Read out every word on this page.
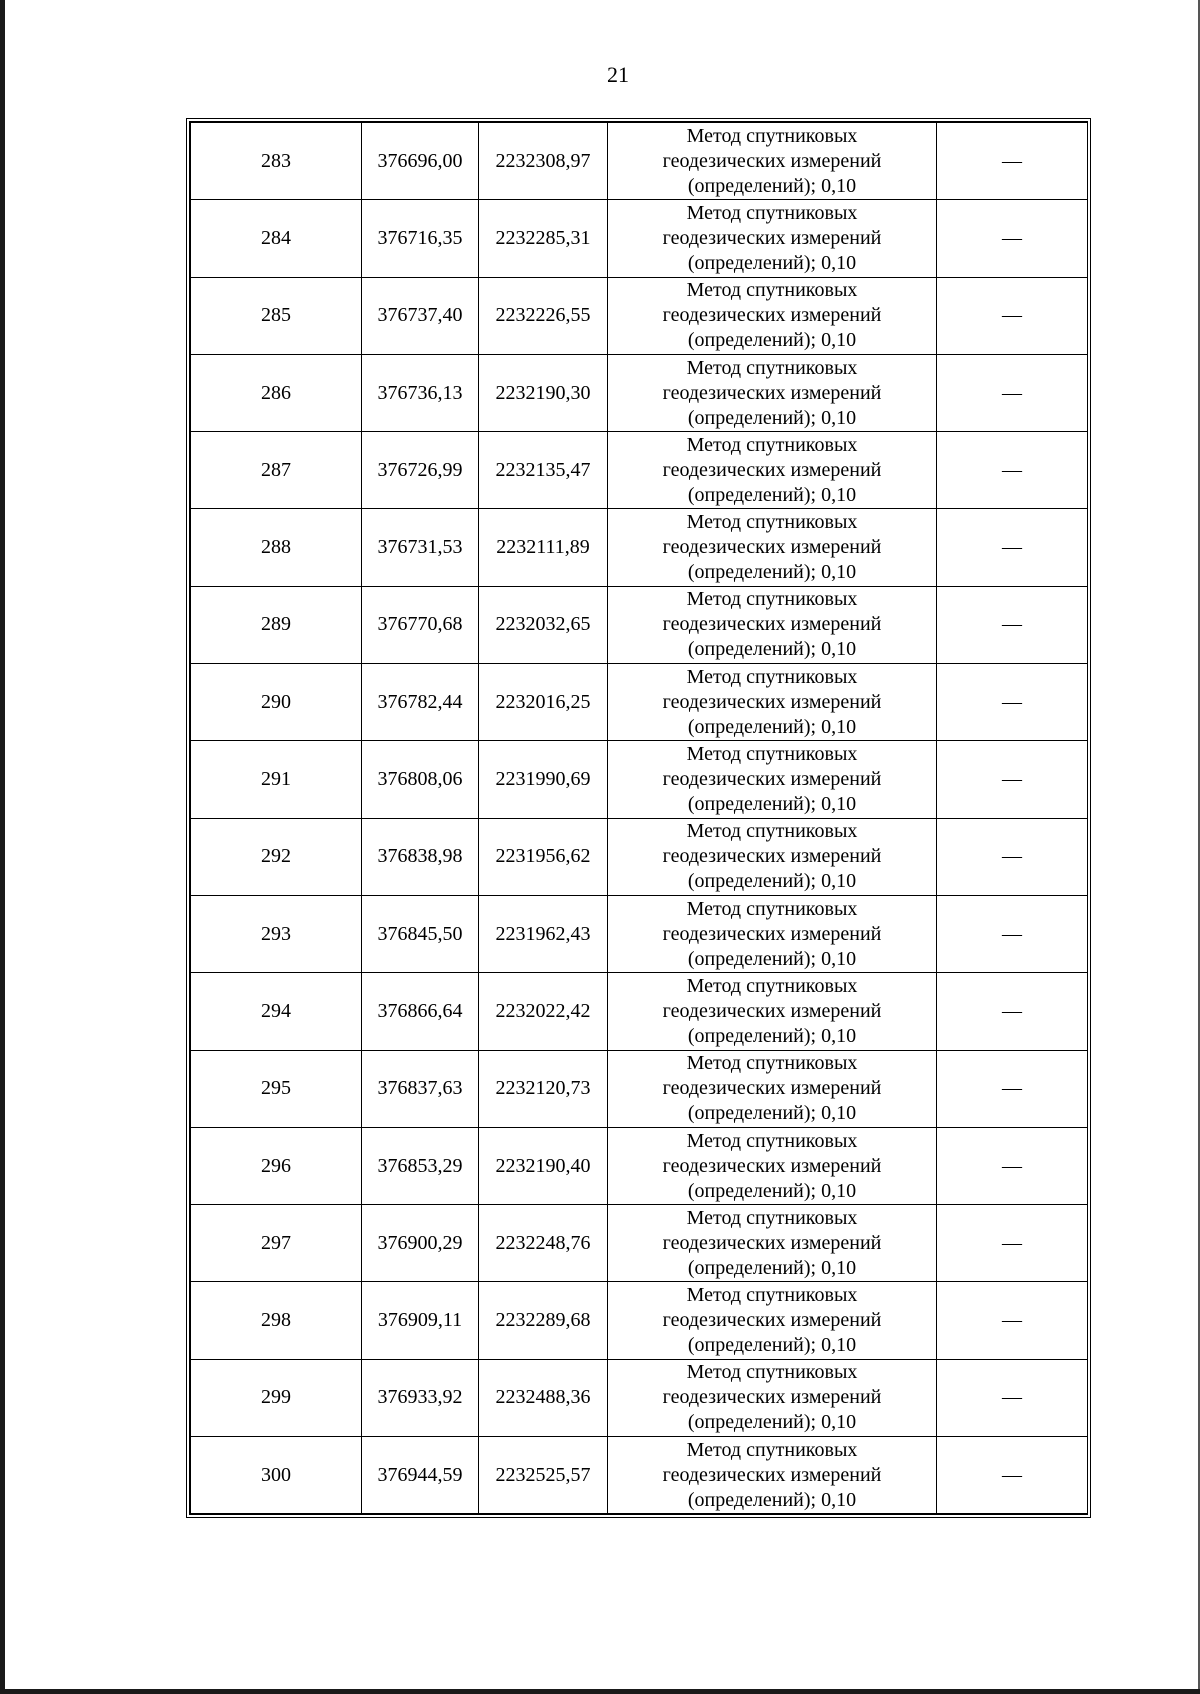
21
283	376696,00	2232308,97	Метод спутниковых
геодезических измерений
(определений); 0,10	—
284	376716,35	2232285,31	Метод спутниковых
геодезических измерений
(определений); 0,10	—
285	376737,40	2232226,55	Метод спутниковых
геодезических измерений
(определений); 0,10	—
286	376736,13	2232190,30	Метод спутниковых
геодезических измерений
(определений); 0,10	—
287	376726,99	2232135,47	Метод спутниковых
геодезических измерений
(определений); 0,10	—
288	376731,53	2232111,89	Метод спутниковых
геодезических измерений
(определений); 0,10	—
289	376770,68	2232032,65	Метод спутниковых
геодезических измерений
(определений); 0,10	—
290	376782,44	2232016,25	Метод спутниковых
геодезических измерений
(определений); 0,10	—
291	376808,06	2231990,69	Метод спутниковых
геодезических измерений
(определений); 0,10	—
292	376838,98	2231956,62	Метод спутниковых
геодезических измерений
(определений); 0,10	—
293	376845,50	2231962,43	Метод спутниковых
геодезических измерений
(определений); 0,10	—
294	376866,64	2232022,42	Метод спутниковых
геодезических измерений
(определений); 0,10	—
295	376837,63	2232120,73	Метод спутниковых
геодезических измерений
(определений); 0,10	—
296	376853,29	2232190,40	Метод спутниковых
геодезических измерений
(определений); 0,10	—
297	376900,29	2232248,76	Метод спутниковых
геодезических измерений
(определений); 0,10	—
298	376909,11	2232289,68	Метод спутниковых
геодезических измерений
(определений); 0,10	—
299	376933,92	2232488,36	Метод спутниковых
геодезических измерений
(определений); 0,10	—
300	376944,59	2232525,57	Метод спутниковых
геодезических измерений
(определений); 0,10	—
